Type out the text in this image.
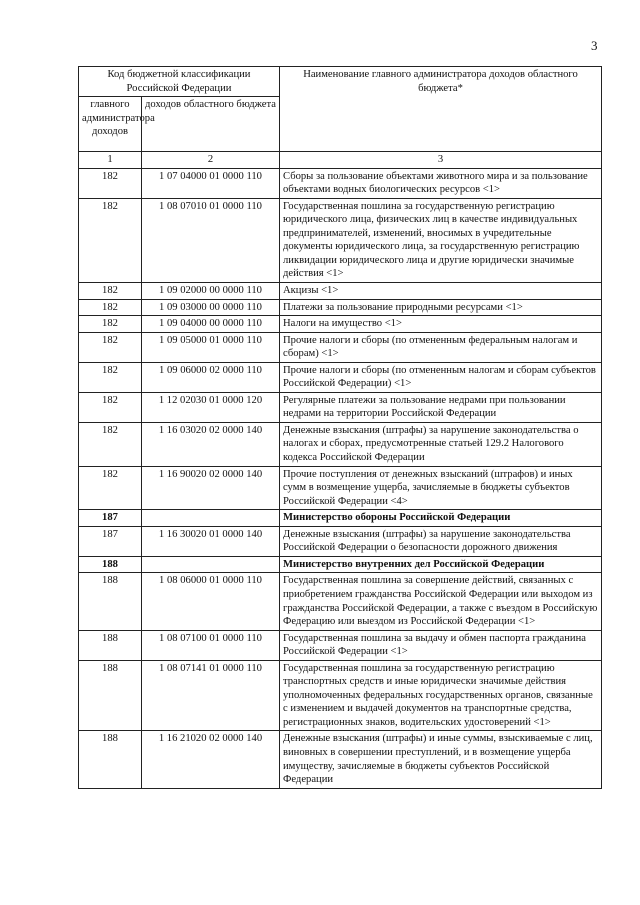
3
Код бюджетной классификации Российской Федерации		Наименование главного администратора доходов областного бюджета*
главного администратора доходов	доходов областного бюджета	
1	2	3
182	1 07 04000 01 0000 110	Сборы за пользование объектами животного мира и за пользование объектами водных биологических ресурсов <1>
182	1 08 07010 01 0000 110	Государственная пошлина за государственную регистрацию юридического лица, физических лиц в качестве индивидуальных предпринимателей, изменений, вносимых в учредительные документы юридического лица, за государственную регистрацию ликвидации юридического лица и другие юридически значимые действия <1>
182	1 09 02000 00 0000 110	Акцизы <1>
182	1 09 03000 00 0000 110	Платежи за пользование природными ресурсами <1>
182	1 09 04000 00 0000 110	Налоги на имущество <1>
182	1 09 05000 01 0000 110	Прочие налоги и сборы (по отмененным федеральным налогам и сборам) <1>
182	1 09 06000 02 0000 110	Прочие налоги и сборы (по отмененным налогам и сборам субъектов Российской Федерации) <1>
182	1 12 02030 01 0000 120	Регулярные платежи за пользование недрами при пользовании недрами на территории Российской Федерации
182	1 16 03020 02 0000 140	Денежные взыскания (штрафы) за нарушение законодательства о налогах и сборах, предусмотренные статьей 129.2 Налогового кодекса Российской Федерации
182	1 16 90020 02 0000 140	Прочие поступления от денежных взысканий (штрафов) и иных сумм в возмещение ущерба, зачисляемые в бюджеты субъектов Российской Федерации <4>
187		Министерство обороны Российской Федерации
187	1 16 30020 01 0000 140	Денежные взыскания (штрафы) за нарушение законодательства Российской Федерации о безопасности дорожного движения
188		Министерство внутренних дел Российской Федерации
188	1 08 06000 01 0000 110	Государственная пошлина за совершение действий, связанных с приобретением гражданства Российской Федерации или выходом из гражданства Российской Федерации, а также с въездом в Российскую Федерацию или выездом из Российской Федерации <1>
188	1 08 07100 01 0000 110	Государственная пошлина за выдачу и обмен паспорта гражданина Российской Федерации <1>
188	1 08 07141 01 0000 110	Государственная пошлина за государственную регистрацию транспортных средств и иные юридически значимые действия уполномоченных федеральных государственных органов, связанные с изменением и выдачей документов на транспортные средства, регистрационных знаков, водительских удостоверений <1>
188	1 16 21020 02 0000 140	Денежные взыскания (штрафы) и иные суммы, взыскиваемые с лиц, виновных в совершении преступлений, и в возмещение ущерба имуществу, зачисляемые в бюджеты субъектов Российской Федерации
